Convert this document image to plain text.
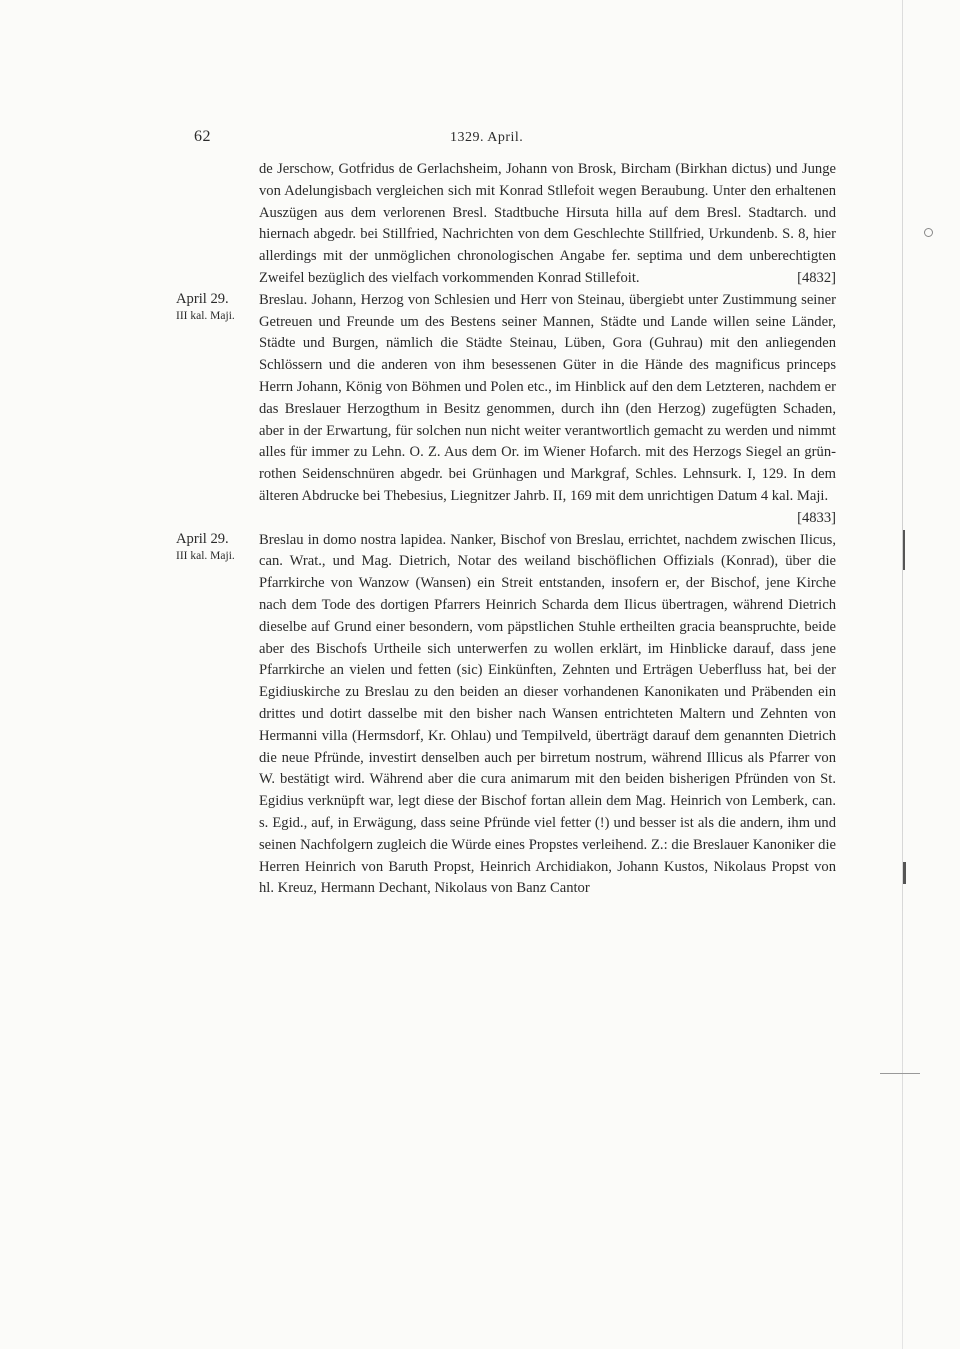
62	1329. April.

de Jerschow, Gotfridus de Gerlachsheim, Johann von Brosk, Bircham (Birkhan dictus) und Junge von Adelungisbach vergleichen sich mit Konrad Stllefoit wegen Beraubung. Unter den erhaltenen Auszügen aus dem verlorenen Bresl. Stadtbuche Hirsuta hilla auf dem Bresl. Stadtarch. und hiernach abgedr. bei Stillfried, Nachrichten von dem Geschlechte Stillfried, Urkundenb. S. 8, hier allerdings mit der unmöglichen chronologischen Angabe fer. septima und dem unberechtigten Zweifel bezüglich des vielfach vorkommenden Konrad Stillefoit.	[4832]

April 29.
III kal. Maji.

Breslau. Johann, Herzog von Schlesien und Herr von Steinau, übergiebt unter Zustimmung seiner Getreuen und Freunde um des Bestens seiner Mannen, Städte und Lande willen seine Länder, Städte und Burgen, nämlich die Städte Steinau, Lüben, Gora (Guhrau) mit den anliegenden Schlössern und die anderen von ihm besessenen Güter in die Hände des magnificus princeps Herrn Johann, König von Böhmen und Polen etc., im Hinblick auf den dem Letzteren, nachdem er das Breslauer Herzogthum in Besitz genommen, durch ihn (den Herzog) zugefügten Schaden, aber in der Erwartung, für solchen nun nicht weiter verantwortlich gemacht zu werden und nimmt alles für immer zu Lehn. O. Z. Aus dem Or. im Wiener Hofarch. mit des Herzogs Siegel an grün-rothen Seidenschnüren abgedr. bei Grünhagen und Markgraf, Schles. Lehnsurk. I, 129. In dem älteren Abdrucke bei Thebesius, Liegnitzer Jahrb. II, 169 mit dem unrichtigen Datum 4 kal. Maji.
[4833]

April 29.
III kal. Maji.

Breslau in domo nostra lapidea. Nanker, Bischof von Breslau, errichtet, nachdem zwischen Ilicus, can. Wrat., und Mag. Dietrich, Notar des weiland bischöflichen Offizials (Konrad), über die Pfarrkirche von Wanzow (Wansen) ein Streit entstanden, insofern er, der Bischof, jene Kirche nach dem Tode des dortigen Pfarrers Heinrich Scharda dem Ilicus übertragen, während Dietrich dieselbe auf Grund einer besondern, vom päpstlichen Stuhle ertheilten gracia beanspruchte, beide aber des Bischofs Urtheile sich unterwerfen zu wollen erklärt, im Hinblicke darauf, dass jene Pfarrkirche an vielen und fetten (sic) Einkünften, Zehnten und Erträgen Ueberfluss hat, bei der Egidiuskirche zu Breslau zu den beiden an dieser vorhandenen Kanonikaten und Präbenden ein drittes und dotirt dasselbe mit den bisher nach Wansen entrichteten Maltern und Zehnten von Hermanni villa (Hermsdorf, Kr. Ohlau) und Tempilveld, überträgt darauf dem genannten Dietrich die neue Pfründe, investirt denselben auch per birretum nostrum, während Illicus als Pfarrer von W. bestätigt wird. Während aber die cura animarum mit den beiden bisherigen Pfründen von St. Egidius verknüpft war, legt diese der Bischof fortan allein dem Mag. Heinrich von Lemberk, can. s. Egid., auf, in Erwägung, dass seine Pfründe viel fetter (!) und besser ist als die andern, ihm und seinen Nachfolgern zugleich die Würde eines Propstes verleihend. Z.: die Breslauer Kanoniker die Herren Heinrich von Baruth Propst, Heinrich Archidiakon, Johann Kustos, Nikolaus Propst von hl. Kreuz, Hermann Dechant, Nikolaus von Banz Cantor
